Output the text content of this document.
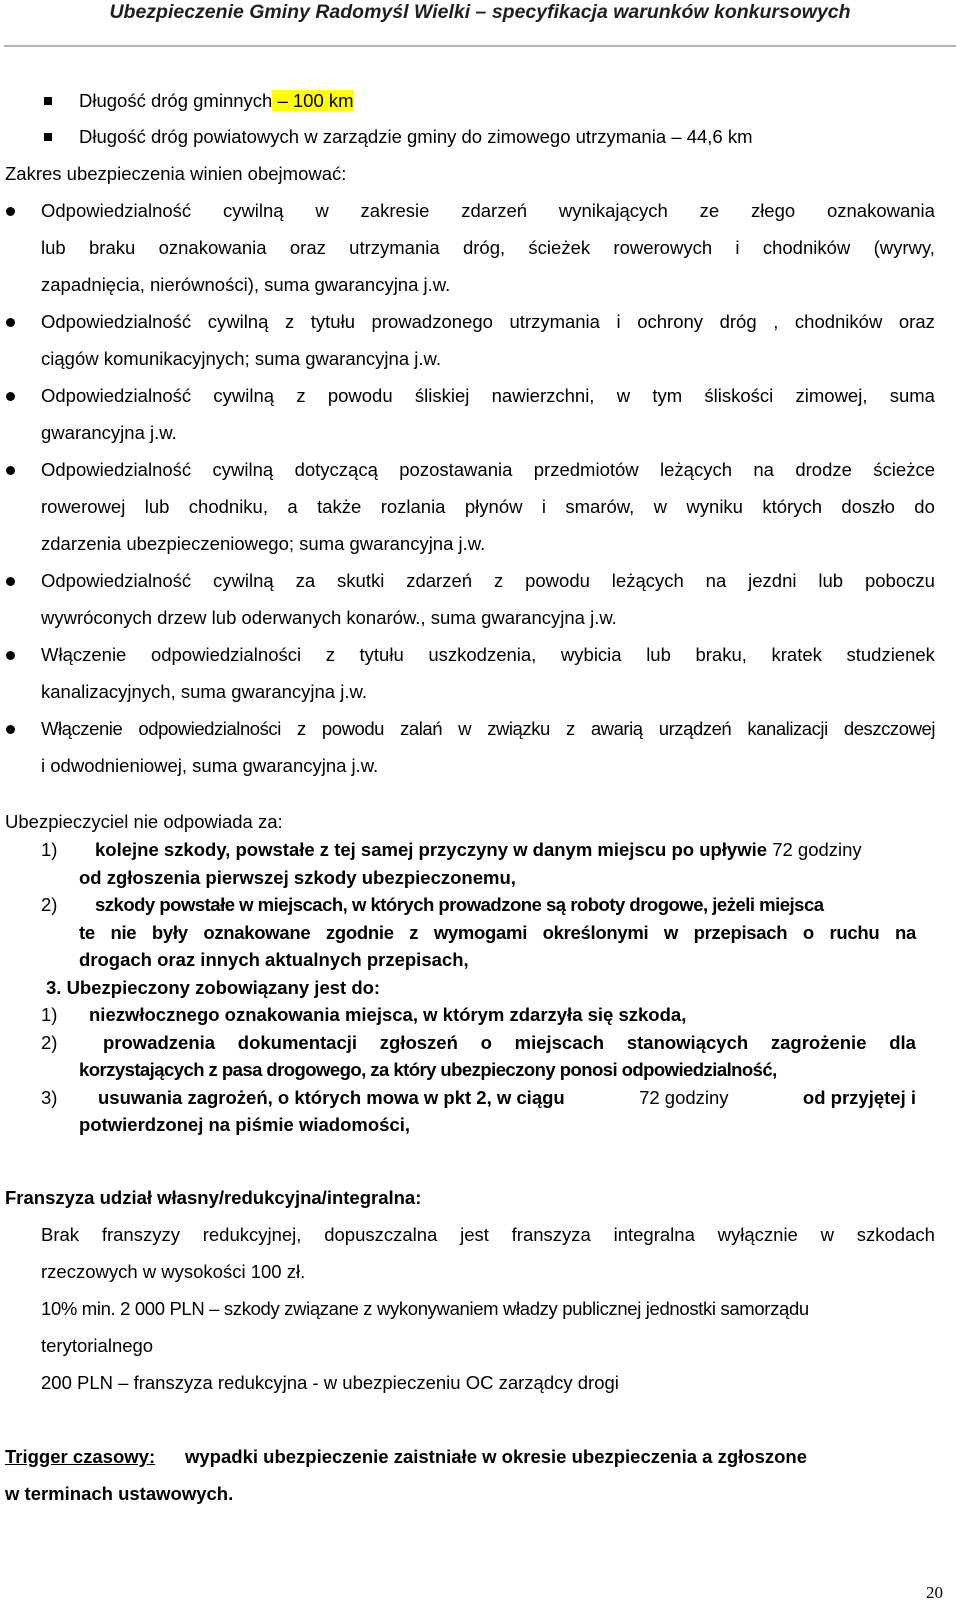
Ubezpieczenie Gminy Radomyśl Wielki – specyfikacja warunków konkursowych
Długość dróg gminnych – 100 km
Długość dróg powiatowych w zarządzie gminy do zimowego utrzymania – 44,6 km
Zakres ubezpieczenia winien obejmować:
Odpowiedzialność cywilną w zakresie zdarzeń wynikających ze złego oznakowania
lub braku oznakowania oraz utrzymania dróg, ścieżek rowerowych i chodników (wyrwy,
zapadnięcia, nierówności), suma gwarancyjna j.w.
Odpowiedzialność cywilną z tytułu prowadzonego utrzymania i ochrony dróg , chodników oraz
ciągów komunikacyjnych; suma gwarancyjna j.w.
Odpowiedzialność cywilną z powodu śliskiej nawierzchni, w tym śliskości zimowej, suma
gwarancyjna j.w.
Odpowiedzialność cywilną dotyczącą pozostawania przedmiotów leżących na drodze ścieżce
rowerowej lub chodniku, a także rozlania płynów i smarów, w wyniku których doszło do
zdarzenia ubezpieczeniowego; suma gwarancyjna j.w.
Odpowiedzialność cywilną za skutki zdarzeń z powodu leżących na jezdni lub poboczu
wywróconych drzew lub oderwanych konarów., suma gwarancyjna j.w.
Włączenie odpowiedzialności z tytułu uszkodzenia, wybicia lub braku, kratek studzienek
kanalizacyjnych, suma gwarancyjna j.w.
Włączenie odpowiedzialności z powodu zalań w związku z awarią urządzeń kanalizacji deszczowej
i odwodnieniowej, suma gwarancyjna j.w.
Ubezpieczyciel nie odpowiada za:
1) kolejne szkody, powstałe z tej samej przyczyny w danym miejscu po upływie 72 godziny
od zgłoszenia pierwszej szkody ubezpieczonemu,
2) szkody powstałe w miejscach, w których prowadzone są roboty drogowe, jeżeli miejsca
te nie były oznakowane zgodnie z wymogami określonymi w przepisach o ruchu na
drogach oraz innych aktualnych przepisach,
3. Ubezpieczony zobowiązany jest do:
1) niezwłocznego oznakowania miejsca, w którym zdarzyła się szkoda,
2) prowadzenia dokumentacji zgłoszeń o miejscach stanowiących zagrożenie dla
korzystających z pasa drogowego, za który ubezpieczony ponosi odpowiedzialność,
3) usuwania zagrożeń, o których mowa w pkt 2, w ciągu	72 godziny	od przyjętej i
potwierdzonej na piśmie wiadomości,
Franszyza udział własny/redukcyjna/integralna:
Brak franszyzy redukcyjnej, dopuszczalna jest franszyza integralna wyłącznie w szkodach
rzeczowych w wysokości 100 zł.
10% min. 2 000 PLN – szkody związane z wykonywaniem władzy publicznej jednostki samorządu
terytorialnego
200 PLN – franszyza redukcyjna - w ubezpieczeniu OC zarządcy drogi
Trigger czasowy: wypadki ubezpieczenie zaistniałe w okresie ubezpieczenia a zgłoszone
w terminach ustawowych.
20
